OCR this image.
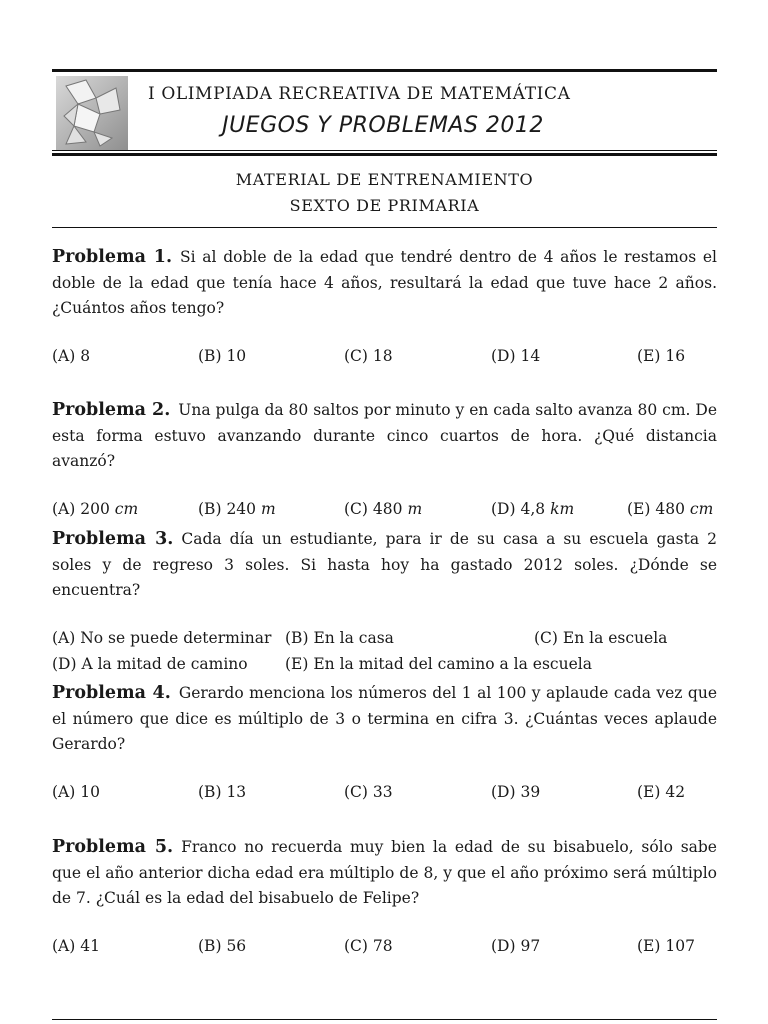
I OLIMPIADA RECREATIVA DE MATEMÁTICA
JUEGOS Y PROBLEMAS 2012
MATERIAL DE ENTRENAMIENTO
SEXTO DE PRIMARIA

Problema 1. Si al doble de la edad que tendré dentro de 4 años le restamos el doble de la edad que tenía hace 4 años, resultará la edad que tuve hace 2 años. ¿Cuántos años tengo?

(A) 8	(B) 10	(C) 18	(D) 14	(E) 16

Problema 2. Una pulga da 80 saltos por minuto y en cada salto avanza 80 cm. De esta forma estuvo avanzando durante cinco cuartos de hora. ¿Qué distancia avanzó?

(A) 200 cm	(B) 240 m	(C) 480 m	(D) 4,8 km	(E) 480 cm

Problema 3. Cada día un estudiante, para ir de su casa a su escuela gasta 2 soles y de regreso 3 soles. Si hasta hoy ha gastado 2012 soles. ¿Dónde se encuentra?

(A) No se puede determinar (B) En la casa	(C) En la escuela
(D) A la mitad de camino (E) En la mitad del camino a la escuela

Problema 4. Gerardo menciona los números del 1 al 100 y aplaude cada vez que el número que dice es múltiplo de 3 o termina en cifra 3. ¿Cuántas veces aplaude Gerardo?

(A) 10	(B) 13	(C) 33	(D) 39	(E) 42

Problema 5. Franco no recuerda muy bien la edad de su bisabuelo, sólo sabe que el año anterior dicha edad era múltiplo de 8, y que el año próximo será múltiplo de 7. ¿Cuál es la edad del bisabuelo de Felipe?

(A) 41	(B) 56	(C) 78	(D) 97	(E) 107
